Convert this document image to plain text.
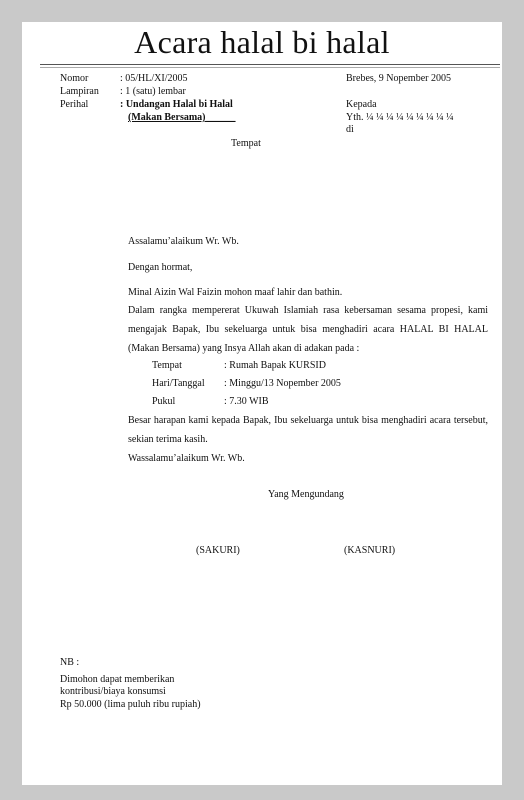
Acara halal bi halal
Nomor	: 05/HL/XI/2005
Lampiran : 1 (satu) lembar
Perihal	: Undangan Halal bi Halal
(Makan Bersama)______
Brebes, 9 Nopember 2005
Kepada
Yth. ¼ ¼ ¼ ¼ ¼ ¼ ¼ ¼ ¼
di
Tempat
Assalamu’alaikum Wr. Wb.
Dengan hormat,
Minal Aizin Wal Faizin mohon maaf lahir dan bathin.
Dalam rangka mempererat Ukuwah Islamiah rasa kebersaman sesama propesi, kami mengajak Bapak, Ibu sekeluarga untuk bisa menghadiri acara HALAL BI HALAL (Makan Bersama) yang Insya Allah akan di adakan pada :
Tempat	: Rumah Bapak KURSID
Hari/Tanggal : Minggu/13 Nopember 2005
Pukul	: 7.30 WIB
Besar harapan kami kepada Bapak, Ibu sekeluarga untuk bisa menghadiri acara tersebut, sekian terima kasih.
Wassalamu’alaikum Wr. Wb.
Yang Mengundang
(SAKURI)	(KASNURI)
NB :
Dimohon dapat memberikan
kontribusi/biaya konsumsi
Rp 50.000 (lima puluh ribu rupiah)
